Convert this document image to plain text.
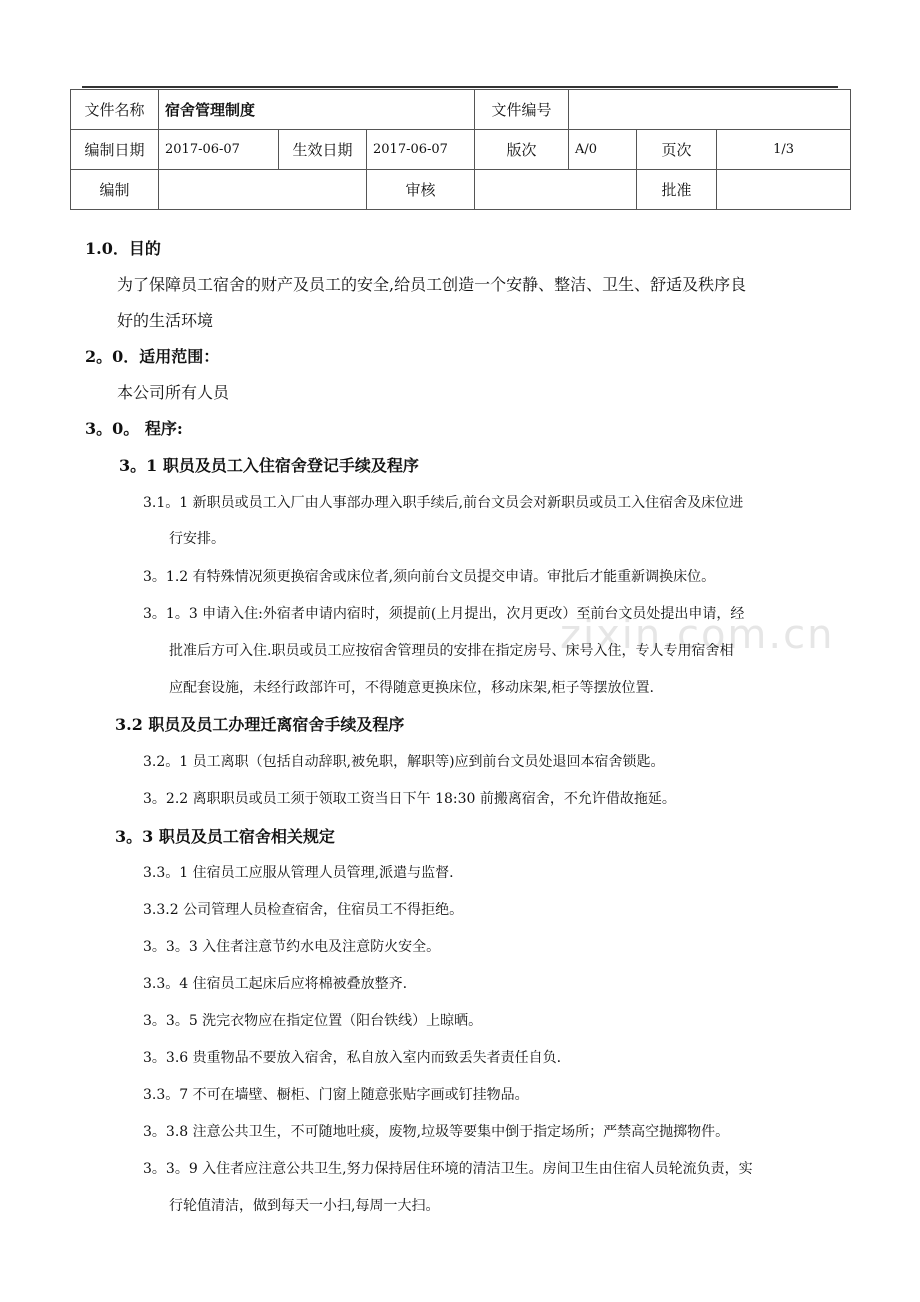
文件名称	宿舍管理制度			文件编号			
编制日期	2017-06-07	生效日期	2017-06-07	版次	A/0	页次	1/3
编制			审核			批准	
zixin.com.cn
1.0．目的
为了保障员工宿舍的财产及员工的安全,给员工创造一个安静、整洁、卫生、舒适及秩序良
好的生活环境
2。0．适用范围：
本公司所有人员
3。0。 程序:
3。1 职员及员工入住宿舍登记手续及程序
3.1。1 新职员或员工入厂由人事部办理入职手续后,前台文员会对新职员或员工入住宿舍及床位进
行安排。
3。1.2 有特殊情况须更换宿舍或床位者,须向前台文员提交申请。审批后才能重新调换床位。
3。1。3 申请入住:外宿者申请内宿时，须提前(上月提出，次月更改）至前台文员处提出申请，经
批准后方可入住.职员或员工应按宿舍管理员的安排在指定房号、床号入住，专人专用宿舍相
应配套设施，未经行政部许可，不得随意更换床位，移动床架,柜子等摆放位置.
3.2 职员及员工办理迁离宿舍手续及程序
3.2。1 员工离职（包括自动辞职,被免职，解职等)应到前台文员处退回本宿舍锁匙。
3。2.2 离职职员或员工须于领取工资当日下午 18:30 前搬离宿舍，不允许借故拖延。
3。3 职员及员工宿舍相关规定
3.3。1 住宿员工应服从管理人员管理,派遣与监督.
3.3.2 公司管理人员检查宿舍，住宿员工不得拒绝。
3。3。3 入住者注意节约水电及注意防火安全。
3.3。4 住宿员工起床后应将棉被叠放整齐.
3。3。5 洗完衣物应在指定位置（阳台铁线）上晾晒。
3。3.6 贵重物品不要放入宿舍，私自放入室内而致丢失者责任自负.
3.3。7 不可在墙壁、橱柜、门窗上随意张贴字画或钉挂物品。
3。3.8 注意公共卫生，不可随地吐痰，废物,垃圾等要集中倒于指定场所；严禁高空抛掷物件。
3。3。9 入住者应注意公共卫生,努力保持居住环境的清洁卫生。房间卫生由住宿人员轮流负责，实
行轮值清洁，做到每天一小扫,每周一大扫。
